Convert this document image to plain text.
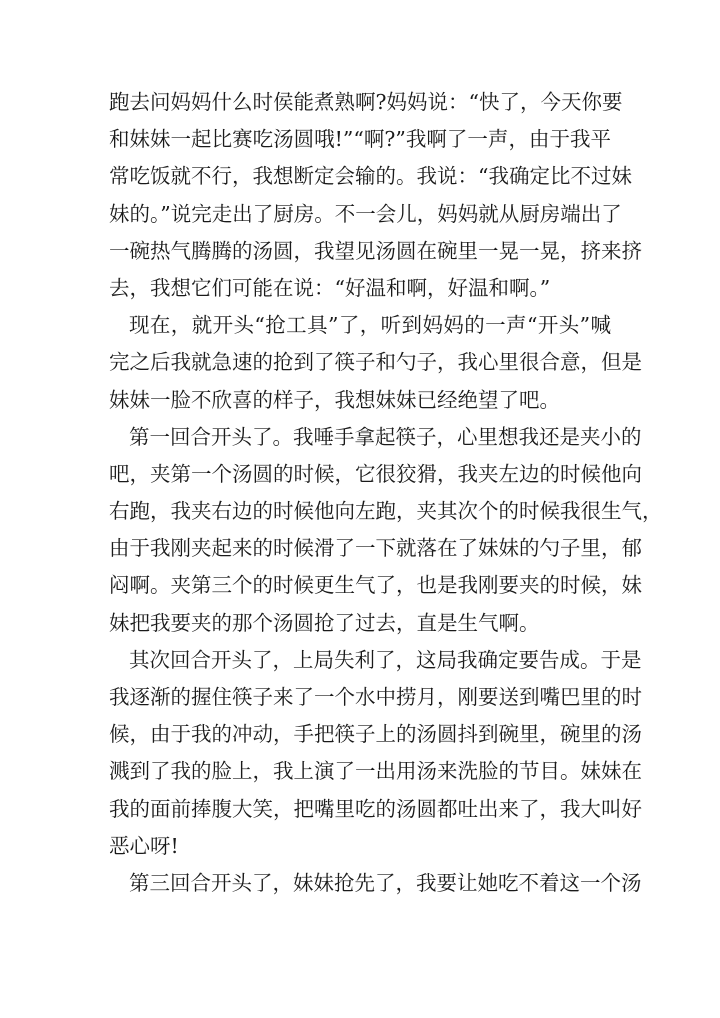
跑去问妈妈什么时侯能煮熟啊?妈妈说：“快了，今天你要
和妹妹一起比赛吃汤圆哦!”“啊?”我啊了一声，由于我平
常吃饭就不行，我想断定会输的。我说：“我确定比不过妹
妹的。”说完走出了厨房。不一会儿，妈妈就从厨房端出了
一碗热气腾腾的汤圆，我望见汤圆在碗里一晃一晃，挤来挤
去，我想它们可能在说：“好温和啊，好温和啊。”
现在，就开头“抢工具”了，听到妈妈的一声“开头”喊
完之后我就急速的抢到了筷子和勺子，我心里很合意，但是
妹妹一脸不欣喜的样子，我想妹妹已经绝望了吧。
第一回合开头了。我唾手拿起筷子，心里想我还是夹小的
吧，夹第一个汤圆的时候，它很狡猾，我夹左边的时候他向
右跑，我夹右边的时候他向左跑，夹其次个的时候我很生气，
由于我刚夹起来的时候滑了一下就落在了妹妹的勺子里，郁
闷啊。夹第三个的时候更生气了，也是我刚要夹的时候，妹
妹把我要夹的那个汤圆抢了过去，直是生气啊。
其次回合开头了，上局失利了，这局我确定要告成。于是
我逐渐的握住筷子来了一个水中捞月，刚要送到嘴巴里的时
候，由于我的冲动，手把筷子上的汤圆抖到碗里，碗里的汤
溅到了我的脸上，我上演了一出用汤来洗脸的节目。妹妹在
我的面前捧腹大笑，把嘴里吃的汤圆都吐出来了，我大叫好
恶心呀!
第三回合开头了，妹妹抢先了，我要让她吃不着这一个汤
